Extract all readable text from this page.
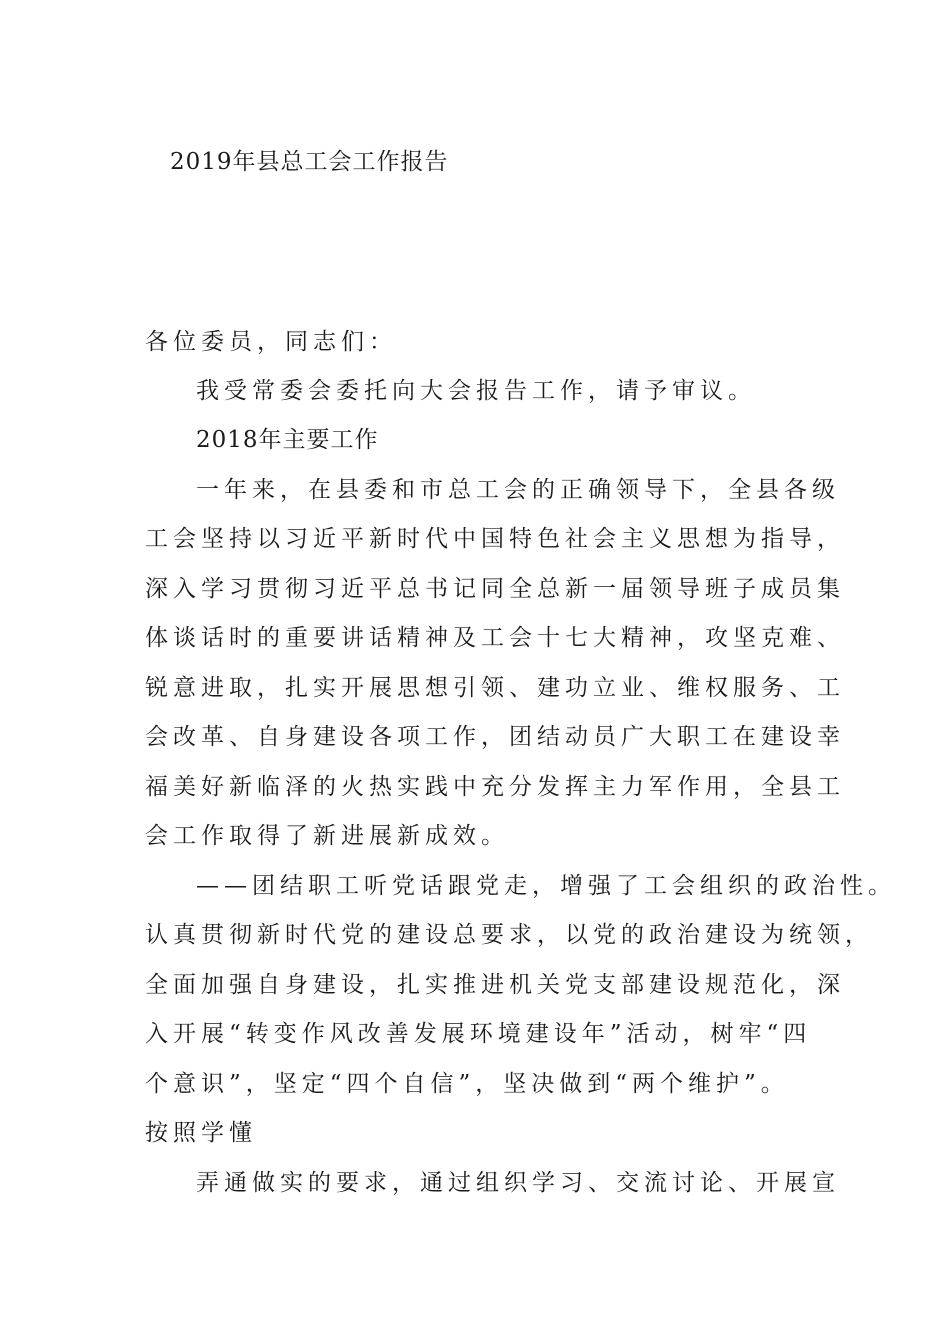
2019年县总工会工作报告
各位委员，同志们：
我受常委会委托向大会报告工作，请予审议。
2018年主要工作
一年来，在县委和市总工会的正确领导下，全县各级
工会坚持以习近平新时代中国特色社会主义思想为指导，
深入学习贯彻习近平总书记同全总新一届领导班子成员集
体谈话时的重要讲话精神及工会十七大精神，攻坚克难、
锐意进取，扎实开展思想引领、建功立业、维权服务、工
会改革、自身建设各项工作，团结动员广大职工在建设幸
福美好新临泽的火热实践中充分发挥主力军作用，全县工
会工作取得了新进展新成效。
——团结职工听党话跟党走，增强了工会组织的政治性。
认真贯彻新时代党的建设总要求，以党的政治建设为统领，
全面加强自身建设，扎实推进机关党支部建设规范化，深
入开展“转变作风改善发展环境建设年”活动，树牢“四
个意识”，坚定“四个自信”，坚决做到“两个维护”。
按照学懂
弄通做实的要求，通过组织学习、交流讨论、开展宣
